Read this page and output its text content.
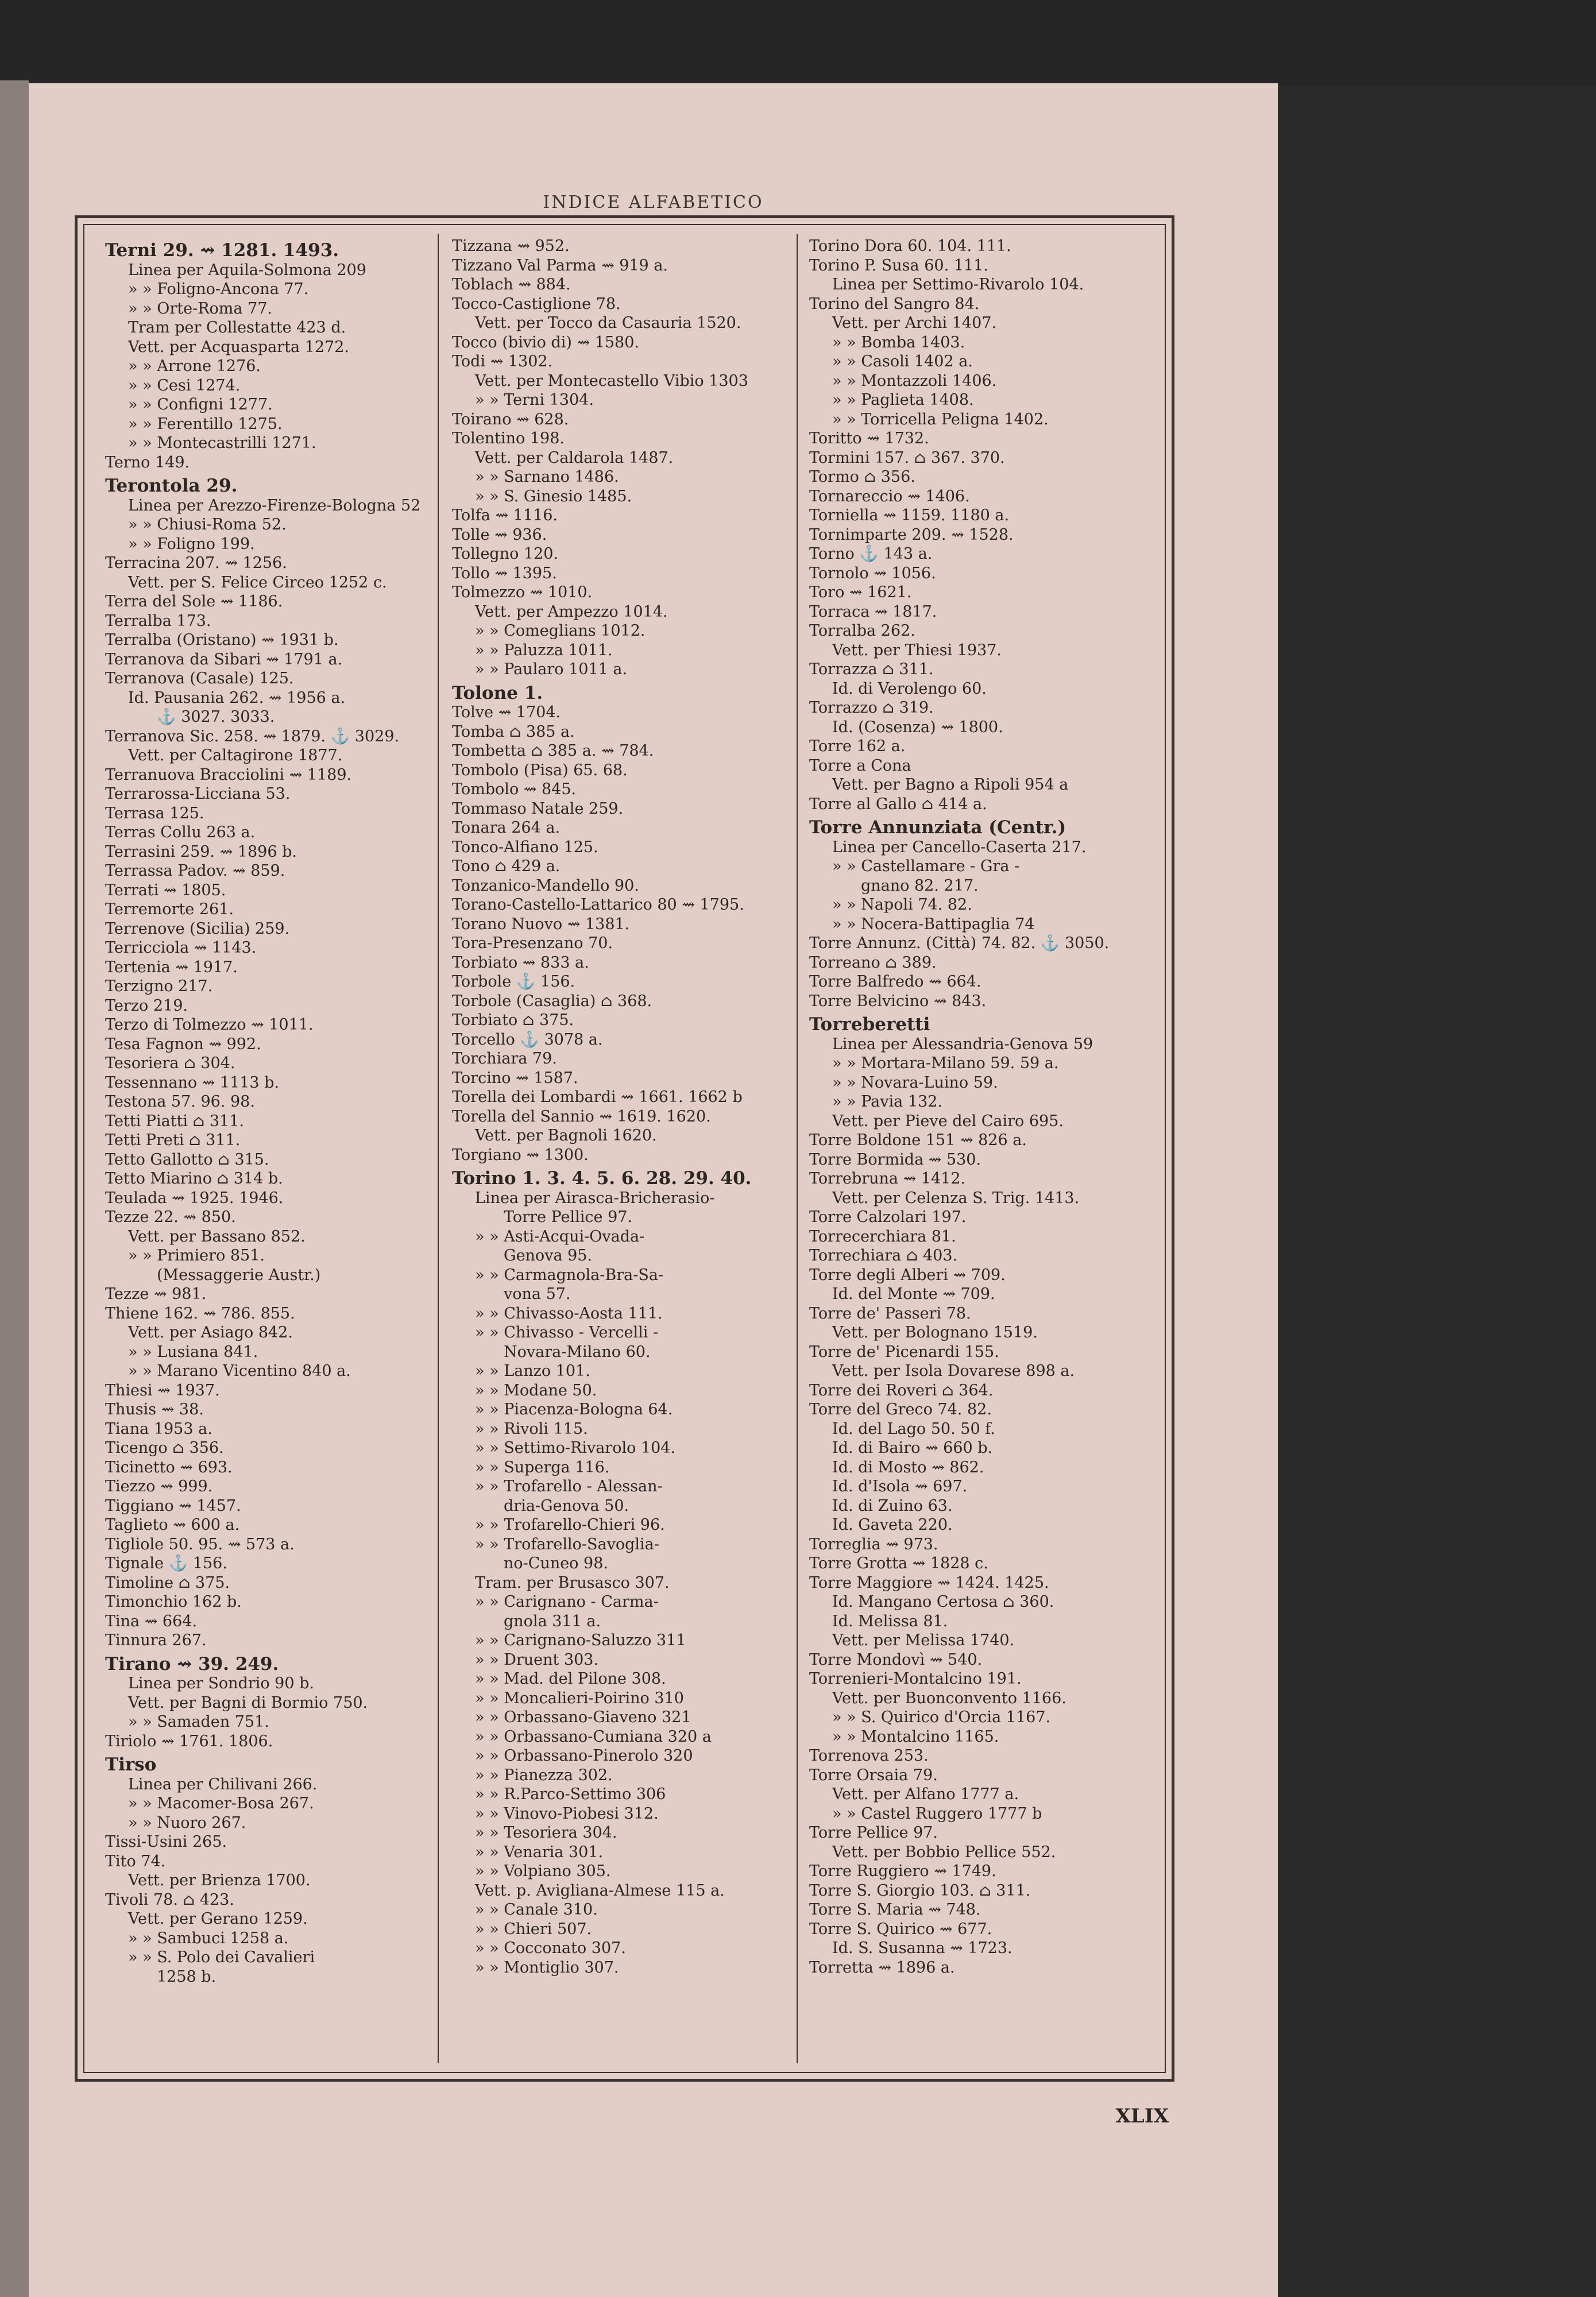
INDICE ALFABETICO
Terni 29. ⇝ 1281. 1493.
Linea per Aquila-Solmona 209
» » Foligno-Ancona 77.
» » Orte-Roma 77.
Tram per Collestatte 423 d.
Vett. per Acquasparta 1272.
» » Arrone 1276.
» » Cesi 1274.
» » Configni 1277.
» » Ferentillo 1275.
» » Montecastrilli 1271.
Terno 149.
Terontola 29.
Linea per Arezzo-Firenze-Bologna 52
» » Chiusi-Roma 52.
» » Foligno 199.
Terracina 207. ⇝ 1256.
Vett. per S. Felice Circeo 1252 c.
Terra del Sole ⇝ 1186.
Terralba 173.
Terralba (Oristano) ⇝ 1931 b.
Terranova da Sibari ⇝ 1791 a.
Terranova (Casale) 125.
Id. Pausania 262. ⇝ 1956 a.
⚓ 3027. 3033.
Terranova Sic. 258. ⇝ 1879. ⚓ 3029.
Vett. per Caltagirone 1877.
Terranuova Bracciolini ⇝ 1189.
Terrarossa-Licciana 53.
Terrasa 125.
Terras Collu 263 a.
Terrasini 259. ⇝ 1896 b.
Terrassa Padov. ⇝ 859.
Terrati ⇝ 1805.
Terremorte 261.
Terrenove (Sicilia) 259.
Terricciola ⇝ 1143.
Tertenia ⇝ 1917.
Terzigno 217.
Terzo 219.
Terzo di Tolmezzo ⇝ 1011.
Tesa Fagnon ⇝ 992.
Tesoriera ⌂ 304.
Tessennano ⇝ 1113 b.
Testona 57. 96. 98.
Tetti Piatti ⌂ 311.
Tetti Preti ⌂ 311.
Tetto Gallotto ⌂ 315.
Tetto Miarino ⌂ 314 b.
Teulada ⇝ 1925. 1946.
Tezze 22. ⇝ 850.
Vett. per Bassano 852.
» » Primiero 851.
(Messaggerie Austr.)
Tezze ⇝ 981.
Thiene 162. ⇝ 786. 855.
Vett. per Asiago 842.
» » Lusiana 841.
» » Marano Vicentino 840 a.
Thiesi ⇝ 1937.
Thusis ⇝ 38.
Tiana 1953 a.
Ticengo ⌂ 356.
Ticinetto ⇝ 693.
Tiezzo ⇝ 999.
Tiggiano ⇝ 1457.
Taglieto ⇝ 600 a.
Tigliole 50. 95. ⇝ 573 a.
Tignale ⚓ 156.
Timoline ⌂ 375.
Timonchio 162 b.
Tina ⇝ 664.
Tinnura 267.
Tirano ⇝ 39. 249.
Linea per Sondrio 90 b.
Vett. per Bagni di Bormio 750.
» » Samaden 751.
Tiriolo ⇝ 1761. 1806.
Tirso
Linea per Chilivani 266.
» » Macomer-Bosa 267.
» » Nuoro 267.
Tissi-Usini 265.
Tito 74.
Vett. per Brienza 1700.
Tivoli 78. ⌂ 423.
Vett. per Gerano 1259.
» » Sambuci 1258 a.
» » S. Polo dei Cavalieri
1258 b.
Tizzana ⇝ 952.
Tizzano Val Parma ⇝ 919 a.
Toblach ⇝ 884.
Tocco-Castiglione 78.
Vett. per Tocco da Casauria 1520.
Tocco (bivio di) ⇝ 1580.
Todi ⇝ 1302.
Vett. per Montecastello Vibio 1303
» » Terni 1304.
Toirano ⇝ 628.
Tolentino 198.
Vett. per Caldarola 1487.
» » Sarnano 1486.
» » S. Ginesio 1485.
Tolfa ⇝ 1116.
Tolle ⇝ 936.
Tollegno 120.
Tollo ⇝ 1395.
Tolmezzo ⇝ 1010.
Vett. per Ampezzo 1014.
» » Comeglians 1012.
» » Paluzza 1011.
» » Paularo 1011 a.
Tolone 1.
Tolve ⇝ 1704.
Tomba ⌂ 385 a.
Tombetta ⌂ 385 a. ⇝ 784.
Tombolo (Pisa) 65. 68.
Tombolo ⇝ 845.
Tommaso Natale 259.
Tonara 264 a.
Tonco-Alfiano 125.
Tono ⌂ 429 a.
Tonzanico-Mandello 90.
Torano-Castello-Lattarico 80 ⇝ 1795.
Torano Nuovo ⇝ 1381.
Tora-Presenzano 70.
Torbiato ⇝ 833 a.
Torbole ⚓ 156.
Torbole (Casaglia) ⌂ 368.
Torbiato ⌂ 375.
Torcello ⚓ 3078 a.
Torchiara 79.
Torcino ⇝ 1587.
Torella dei Lombardi ⇝ 1661. 1662 b
Torella del Sannio ⇝ 1619. 1620.
Vett. per Bagnoli 1620.
Torgiano ⇝ 1300.
Torino 1. 3. 4. 5. 6. 28. 29. 40.
Linea per Airasca-Bricherasio-
Torre Pellice 97.
» » Asti-Acqui-Ovada-
Genova 95.
» » Carmagnola-Bra-Sa-
vona 57.
» » Chivasso-Aosta 111.
» » Chivasso - Vercelli -
Novara-Milano 60.
» » Lanzo 101.
» » Modane 50.
» » Piacenza-Bologna 64.
» » Rivoli 115.
» » Settimo-Rivarolo 104.
» » Superga 116.
» » Trofarello - Alessan-
dria-Genova 50.
» » Trofarello-Chieri 96.
» » Trofarello-Savoglia-
no-Cuneo 98.
Tram. per Brusasco 307.
» » Carignano - Carma-
gnola 311 a.
» » Carignano-Saluzzo 311
» » Druent 303.
» » Mad. del Pilone 308.
» » Moncalieri-Poirino 310
» » Orbassano-Giaveno 321
» » Orbassano-Cumiana 320 a
» » Orbassano-Pinerolo 320
» » Pianezza 302.
» » R.Parco-Settimo 306
» » Vinovo-Piobesi 312.
» » Tesoriera 304.
» » Venaria 301.
» » Volpiano 305.
Vett. p. Avigliana-Almese 115 a.
» » Canale 310.
» » Chieri 507.
» » Cocconato 307.
» » Montiglio 307.
Torino Dora 60. 104. 111.
Torino P. Susa 60. 111.
Linea per Settimo-Rivarolo 104.
Torino del Sangro 84.
Vett. per Archi 1407.
» » Bomba 1403.
» » Casoli 1402 a.
» » Montazzoli 1406.
» » Paglieta 1408.
» » Torricella Peligna 1402.
Toritto ⇝ 1732.
Tormini 157. ⌂ 367. 370.
Tormo ⌂ 356.
Tornareccio ⇝ 1406.
Torniella ⇝ 1159. 1180 a.
Tornimparte 209. ⇝ 1528.
Torno ⚓ 143 a.
Tornolo ⇝ 1056.
Toro ⇝ 1621.
Torraca ⇝ 1817.
Torralba 262.
Vett. per Thiesi 1937.
Torrazza ⌂ 311.
Id. di Verolengo 60.
Torrazzo ⌂ 319.
Id. (Cosenza) ⇝ 1800.
Torre 162 a.
Torre a Cona
Vett. per Bagno a Ripoli 954 a
Torre al Gallo ⌂ 414 a.
Torre Annunziata (Centr.)
Linea per Cancello-Caserta 217.
» » Castellamare - Gra -
gnano 82. 217.
» » Napoli 74. 82.
» » Nocera-Battipaglia 74
Torre Annunz. (Città) 74. 82. ⚓ 3050.
Torreano ⌂ 389.
Torre Balfredo ⇝ 664.
Torre Belvicino ⇝ 843.
Torreberetti
Linea per Alessandria-Genova 59
» » Mortara-Milano 59. 59 a.
» » Novara-Luino 59.
» » Pavia 132.
Vett. per Pieve del Cairo 695.
Torre Boldone 151 ⇝ 826 a.
Torre Bormida ⇝ 530.
Torrebruna ⇝ 1412.
Vett. per Celenza S. Trig. 1413.
Torre Calzolari 197.
Torrecerchiara 81.
Torrechiara ⌂ 403.
Torre degli Alberi ⇝ 709.
Id. del Monte ⇝ 709.
Torre de' Passeri 78.
Vett. per Bolognano 1519.
Torre de' Picenardi 155.
Vett. per Isola Dovarese 898 a.
Torre dei Roveri ⌂ 364.
Torre del Greco 74. 82.
Id. del Lago 50. 50 f.
Id. di Bairo ⇝ 660 b.
Id. di Mosto ⇝ 862.
Id. d'Isola ⇝ 697.
Id. di Zuino 63.
Id. Gaveta 220.
Torreglia ⇝ 973.
Torre Grotta ⇝ 1828 c.
Torre Maggiore ⇝ 1424. 1425.
Id. Mangano Certosa ⌂ 360.
Id. Melissa 81.
Vett. per Melissa 1740.
Torre Mondovì ⇝ 540.
Torrenieri-Montalcino 191.
Vett. per Buonconvento 1166.
» » S. Quirico d'Orcia 1167.
» » Montalcino 1165.
Torrenova 253.
Torre Orsaia 79.
Vett. per Alfano 1777 a.
» » Castel Ruggero 1777 b
Torre Pellice 97.
Vett. per Bobbio Pellice 552.
Torre Ruggiero ⇝ 1749.
Torre S. Giorgio 103. ⌂ 311.
Torre S. Maria ⇝ 748.
Torre S. Quirico ⇝ 677.
Id. S. Susanna ⇝ 1723.
Torretta ⇝ 1896 a.
XLIX
